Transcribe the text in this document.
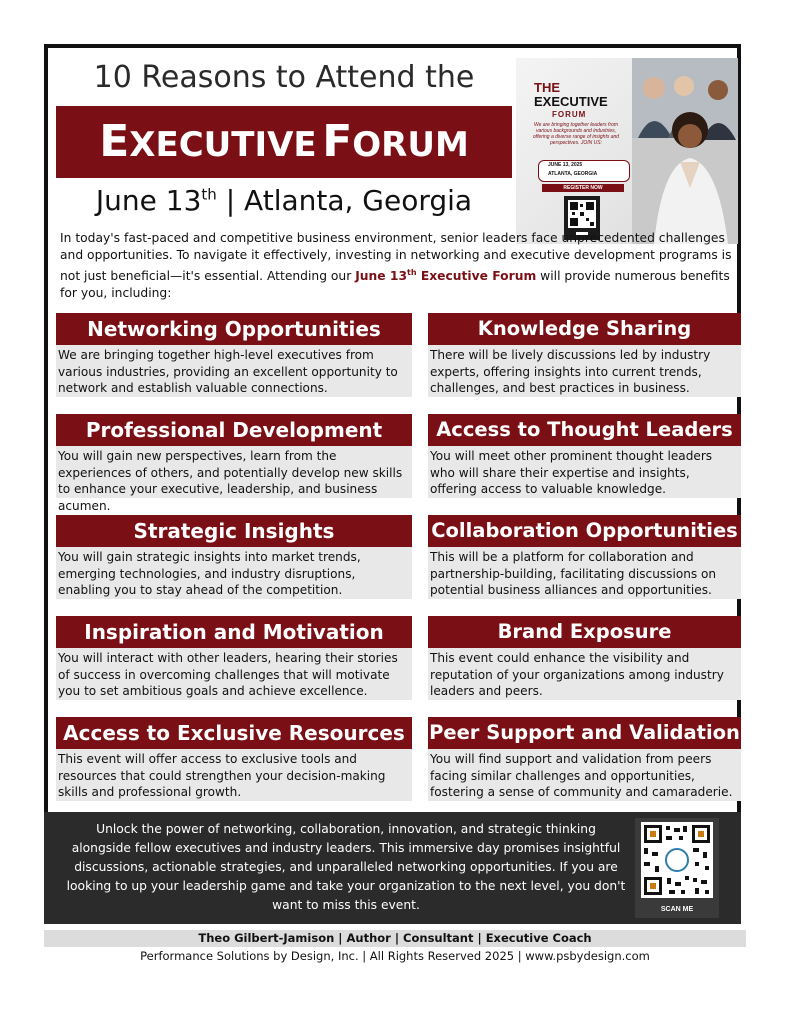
10 Reasons to Attend the
EXECUTIVE FORUM
June 13th | Atlanta, Georgia
THE
EXECUTIVE
FORUM
We are bringing together leaders from various backgrounds and industries, offering a diverse range of insights and perspectives. JOIN US:
JUNE 13, 2025
ATLANTA, GEORGIA
REGISTER NOW
In today's fast-paced and competitive business environment, senior leaders face unprecedented challenges and opportunities. To navigate it effectively, investing in networking and executive development programs is not just beneficial—it's essential. Attending our June 13th Executive Forum will provide numerous benefits for you, including:
Networking Opportunities
We are bringing together high-level executives from various industries, providing an excellent opportunity to network and establish valuable connections.
Knowledge Sharing
There will be lively discussions led by industry experts, offering insights into current trends, challenges, and best practices in business.
Professional Development
You will gain new perspectives, learn from the experiences of others, and potentially develop new skills to enhance your executive, leadership, and business acumen.
Access to Thought Leaders
You will meet other prominent thought leaders who will share their expertise and insights, offering access to valuable knowledge.
Strategic Insights
You will gain strategic insights into market trends, emerging technologies, and industry disruptions, enabling you to stay ahead of the competition.
Collaboration Opportunities
This will be a platform for collaboration and partnership-building, facilitating discussions on potential business alliances and opportunities.
Inspiration and Motivation
You will interact with other leaders, hearing their stories of success in overcoming challenges that will motivate you to set ambitious goals and achieve excellence.
Brand Exposure
This event could enhance the visibility and reputation of your organizations among industry leaders and peers.
Access to Exclusive Resources
This event will offer access to exclusive tools and resources that could strengthen your decision-making skills and professional growth.
Peer Support and Validation
You will find support and validation from peers facing similar challenges and opportunities, fostering a sense of community and camaraderie.
Unlock the power of networking, collaboration, innovation, and strategic thinking alongside fellow executives and industry leaders. This immersive day promises insightful discussions, actionable strategies, and unparalleled networking opportunities. If you are looking to up your leadership game and take your organization to the next level, you don't want to miss this event.	SCAN ME
Theo Gilbert-Jamison | Author | Consultant | Executive Coach
Performance Solutions by Design, Inc. | All Rights Reserved 2025 | www.psbydesign.com
